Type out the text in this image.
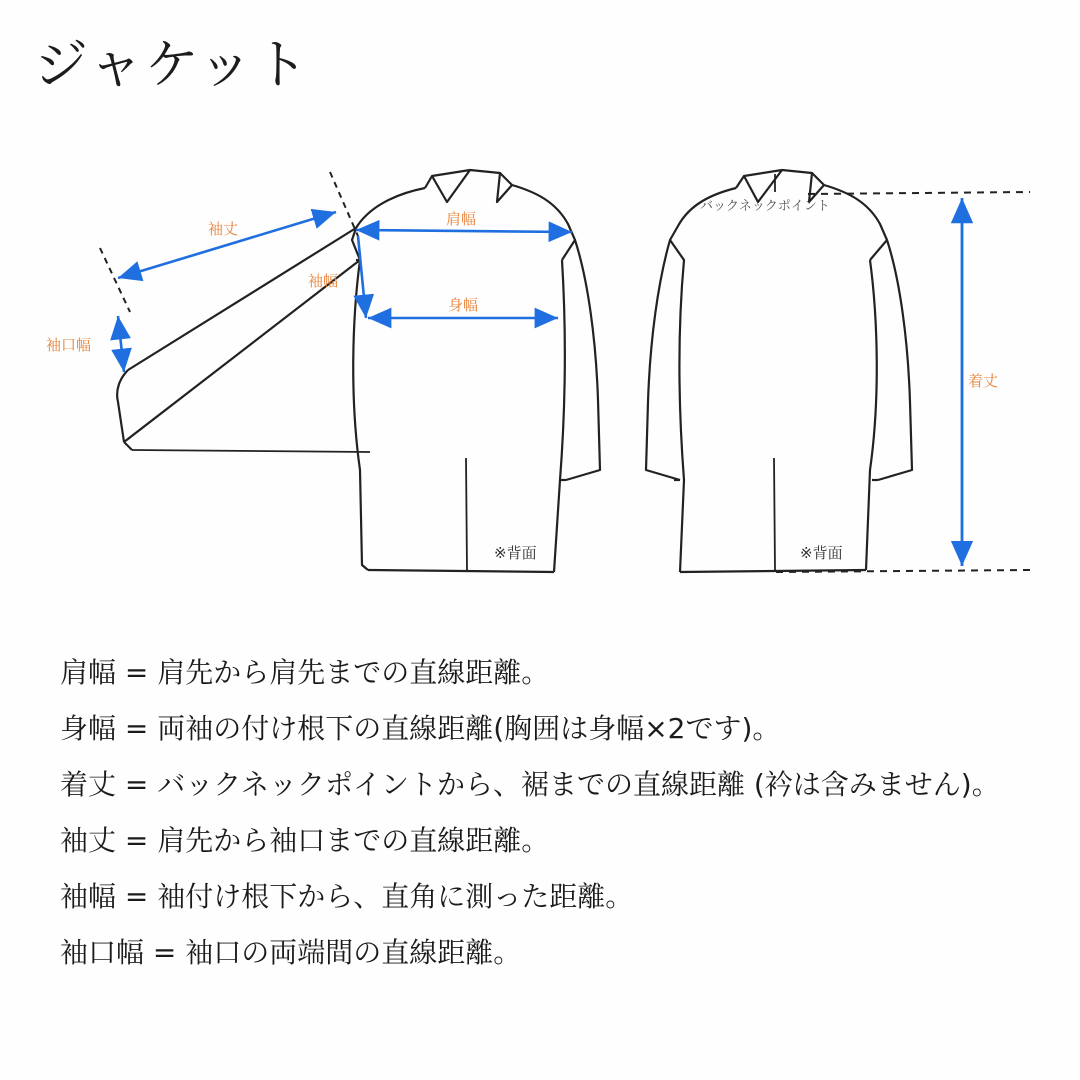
ジャケット
肩幅
身幅
袖丈
袖幅
袖口幅
※背面
バックネックポイント
※背面
着丈
肩幅 = 肩先から肩先までの直線距離。
身幅 = 両袖の付け根下の直線距離(胸囲は身幅×2です)。
着丈 = バックネックポイントから、裾までの直線距離 (衿は含みません)。
袖丈 = 肩先から袖口までの直線距離。
袖幅 = 袖付け根下から、直角に測った距離。
袖口幅 = 袖口の両端間の直線距離。
